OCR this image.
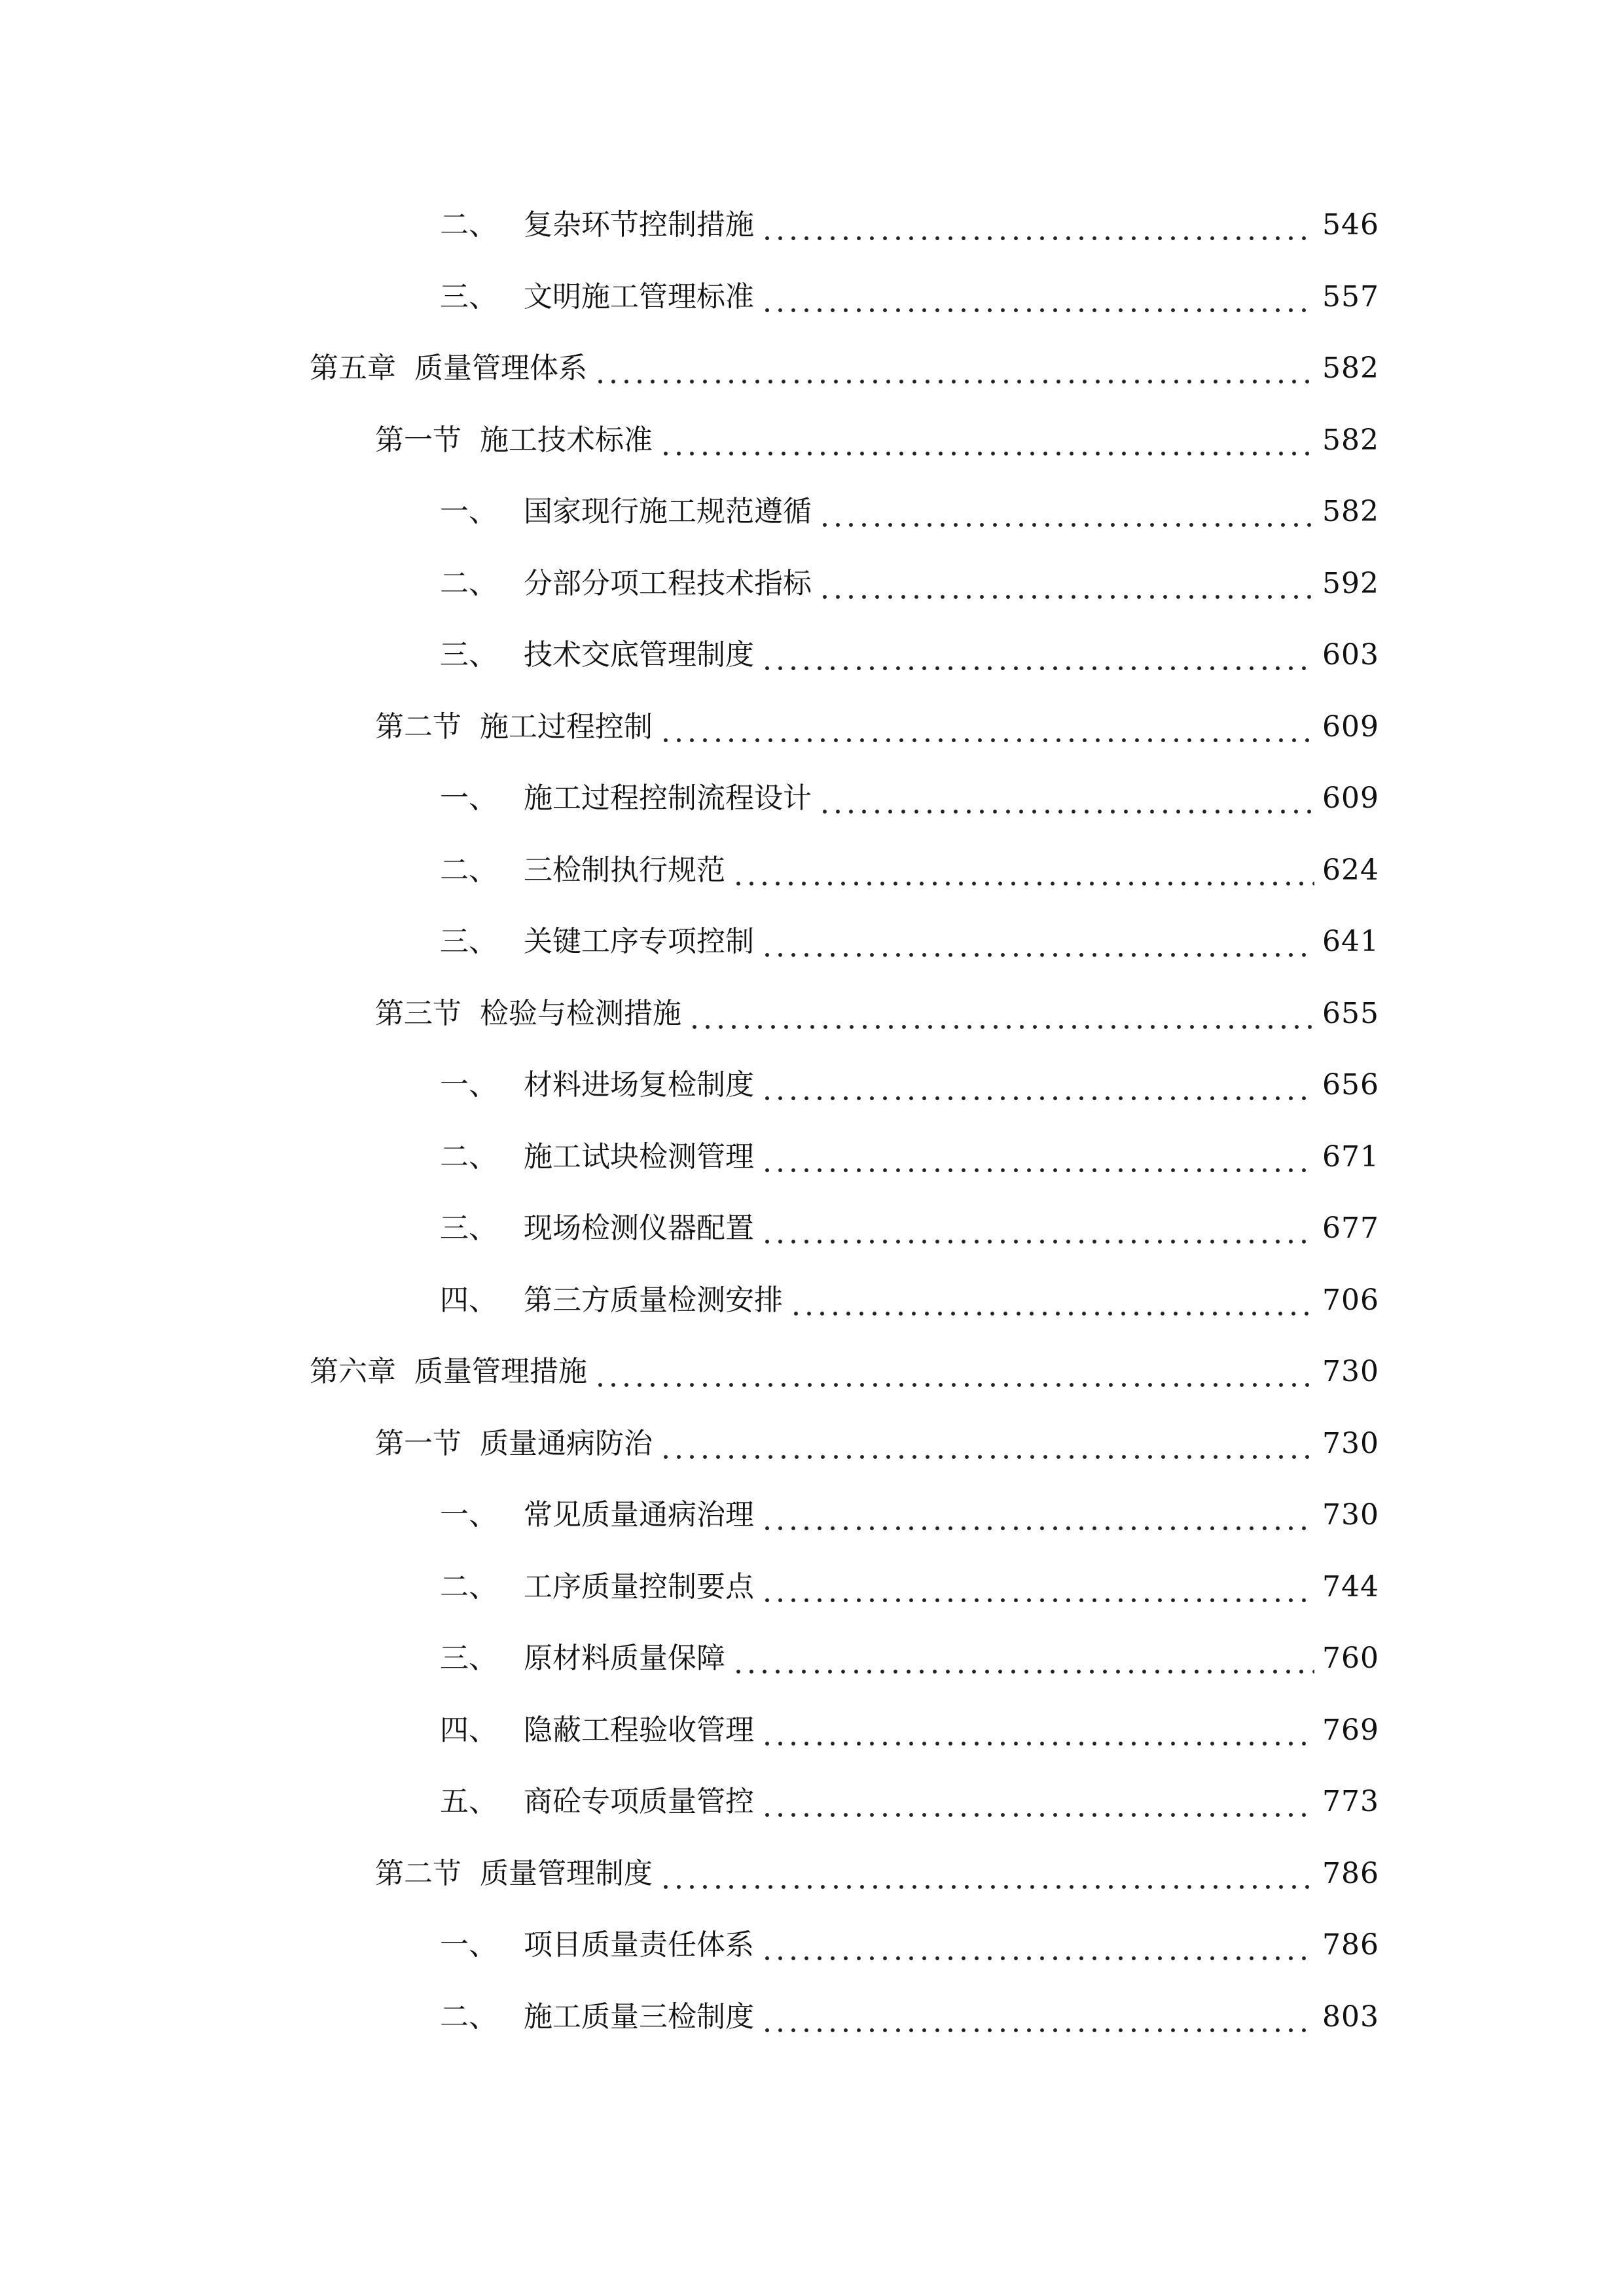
二、 复杂环节控制措施	546
三、 文明施工管理标准	557
第五章 质量管理体系	582
第一节 施工技术标准	582
一、 国家现行施工规范遵循	582
二、 分部分项工程技术指标	592
三、 技术交底管理制度	603
第二节 施工过程控制	609
一、 施工过程控制流程设计	609
二、 三检制执行规范	624
三、 关键工序专项控制	641
第三节 检验与检测措施	655
一、 材料进场复检制度	656
二、 施工试块检测管理	671
三、 现场检测仪器配置	677
四、 第三方质量检测安排	706
第六章 质量管理措施	730
第一节 质量通病防治	730
一、 常见质量通病治理	730
二、 工序质量控制要点	744
三、 原材料质量保障	760
四、 隐蔽工程验收管理	769
五、 商砼专项质量管控	773
第二节 质量管理制度	786
一、 项目质量责任体系	786
二、 施工质量三检制度	803
